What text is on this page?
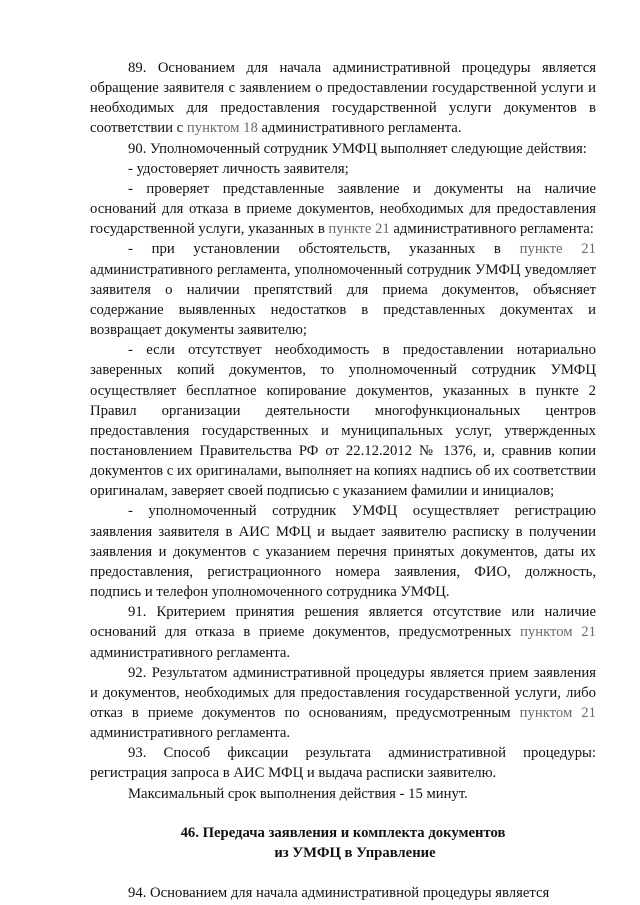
89. Основанием для начала административной процедуры является обращение заявителя с заявлением о предоставлении государственной услуги и необходимых для предоставления государственной услуги документов в соответствии с пунктом 18 административного регламента.

90. Уполномоченный сотрудник УМФЦ выполняет следующие действия:

- удостоверяет личность заявителя;

- проверяет представленные заявление и документы на наличие оснований для отказа в приеме документов, необходимых для предоставления государственной услуги, указанных в пункте 21 административного регламента:

- при установлении обстоятельств, указанных в пункте 21 административного регламента, уполномоченный сотрудник УМФЦ уведомляет заявителя о наличии препятствий для приема документов, объясняет содержание выявленных недостатков в представленных документах и возвращает документы заявителю;

- если отсутствует необходимость в предоставлении нотариально заверенных копий документов, то уполномоченный сотрудник УМФЦ осуществляет бесплатное копирование документов, указанных в пункте 2 Правил организации деятельности многофункциональных центров предоставления государственных и муниципальных услуг, утвержденных постановлением Правительства РФ от 22.12.2012 № 1376, и, сравнив копии документов с их оригиналами, выполняет на копиях надпись об их соответствии оригиналам, заверяет своей подписью с указанием фамилии и инициалов;

- уполномоченный сотрудник УМФЦ осуществляет регистрацию заявления заявителя в АИС МФЦ и выдает заявителю расписку в получении заявления и документов с указанием перечня принятых документов, даты их предоставления, регистрационного номера заявления, ФИО, должность, подпись и телефон уполномоченного сотрудника УМФЦ.

91. Критерием принятия решения является отсутствие или наличие оснований для отказа в приеме документов, предусмотренных пунктом 21 административного регламента.

92. Результатом административной процедуры является прием заявления и документов, необходимых для предоставления государственной услуги, либо отказ в приеме документов по основаниям, предусмотренным пунктом 21 административного регламента.

93. Способ фиксации результата административной процедуры: регистрация запроса в АИС МФЦ и выдача расписки заявителю.

Максимальный срок выполнения действия - 15 минут.

46. Передача заявления и комплекта документов
из УМФЦ в Управление

94. Основанием для начала административной процедуры является
